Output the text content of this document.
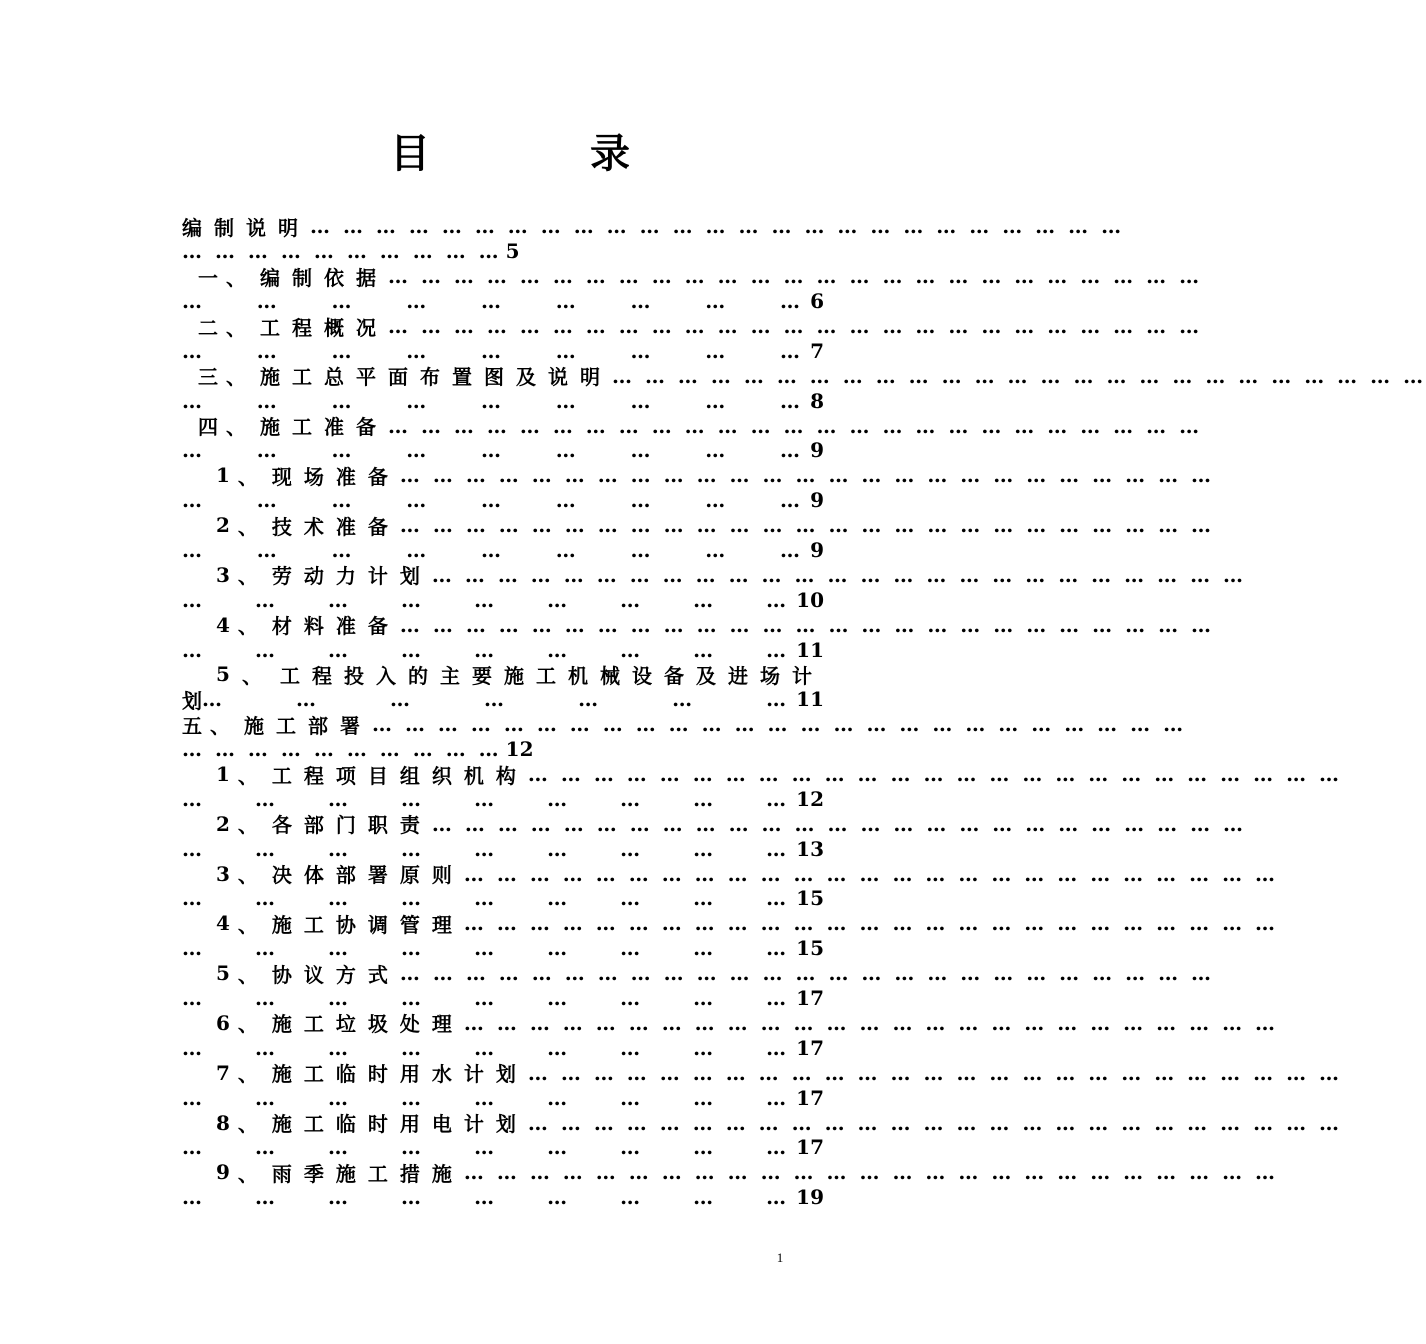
目	录
编制说明 … … … … … … … … … … … … … … … … … … … … … … … … …
… … … … … … … … … … 5
一 、 编制依据 … … … … … … … … … … … … … … … … … … … … … … … … …
…	…	…	…	…	…	…	…	… 6
二 、 工程概况 … … … … … … … … … … … … … … … … … … … … … … … … …
…	…	…	…	…	…	…	…	… 7
三 、 施工总平面布置图及说明 … … … … … … … … … … … … … … … … … … … … … … … … …
…	…	…	…	…	…	…	…	… 8
四 、 施工准备 … … … … … … … … … … … … … … … … … … … … … … … … …
…	…	…	…	…	…	…	…	… 9
1 、 现场准备 … … … … … … … … … … … … … … … … … … … … … … … … …
…	…	…	…	…	…	…	…	… 9
2 、 技术准备 … … … … … … … … … … … … … … … … … … … … … … … … …
…	…	…	…	…	…	…	…	… 9
3 、 劳动力计划 … … … … … … … … … … … … … … … … … … … … … … … … …
…	…	…	…	…	…	…	…	… 10
4 、 材料准备 … … … … … … … … … … … … … … … … … … … … … … … … …
…	…	…	…	…	…	…	…	… 11
5 、 工程投入的主要施工机械设备及进场计
划 …	…	…	…	…	…	… 11
五 、 施工部署 … … … … … … … … … … … … … … … … … … … … … … … … …
… … … … … … … … … … 12
1 、 工程项目组织机构 … … … … … … … … … … … … … … … … … … … … … … … … …
…	…	…	…	…	…	…	…	… 12
2 、 各部门职责 … … … … … … … … … … … … … … … … … … … … … … … … …
…	…	…	…	…	…	…	…	… 13
3 、 决体部署原则 … … … … … … … … … … … … … … … … … … … … … … … … …
…	…	…	…	…	…	…	…	… 15
4 、 施工协调管理 … … … … … … … … … … … … … … … … … … … … … … … … …
…	…	…	…	…	…	…	…	… 15
5 、 协议方式 … … … … … … … … … … … … … … … … … … … … … … … … …
…	…	…	…	…	…	…	…	… 17
6 、 施工垃圾处理 … … … … … … … … … … … … … … … … … … … … … … … … …
…	…	…	…	…	…	…	…	… 17
7 、 施工临时用水计划 … … … … … … … … … … … … … … … … … … … … … … … … …
…	…	…	…	…	…	…	…	… 17
8 、 施工临时用电计划 … … … … … … … … … … … … … … … … … … … … … … … … …
…	…	…	…	…	…	…	…	… 17
9 、 雨季施工措施 … … … … … … … … … … … … … … … … … … … … … … … … …
…	…	…	…	…	…	…	…	… 19
1
